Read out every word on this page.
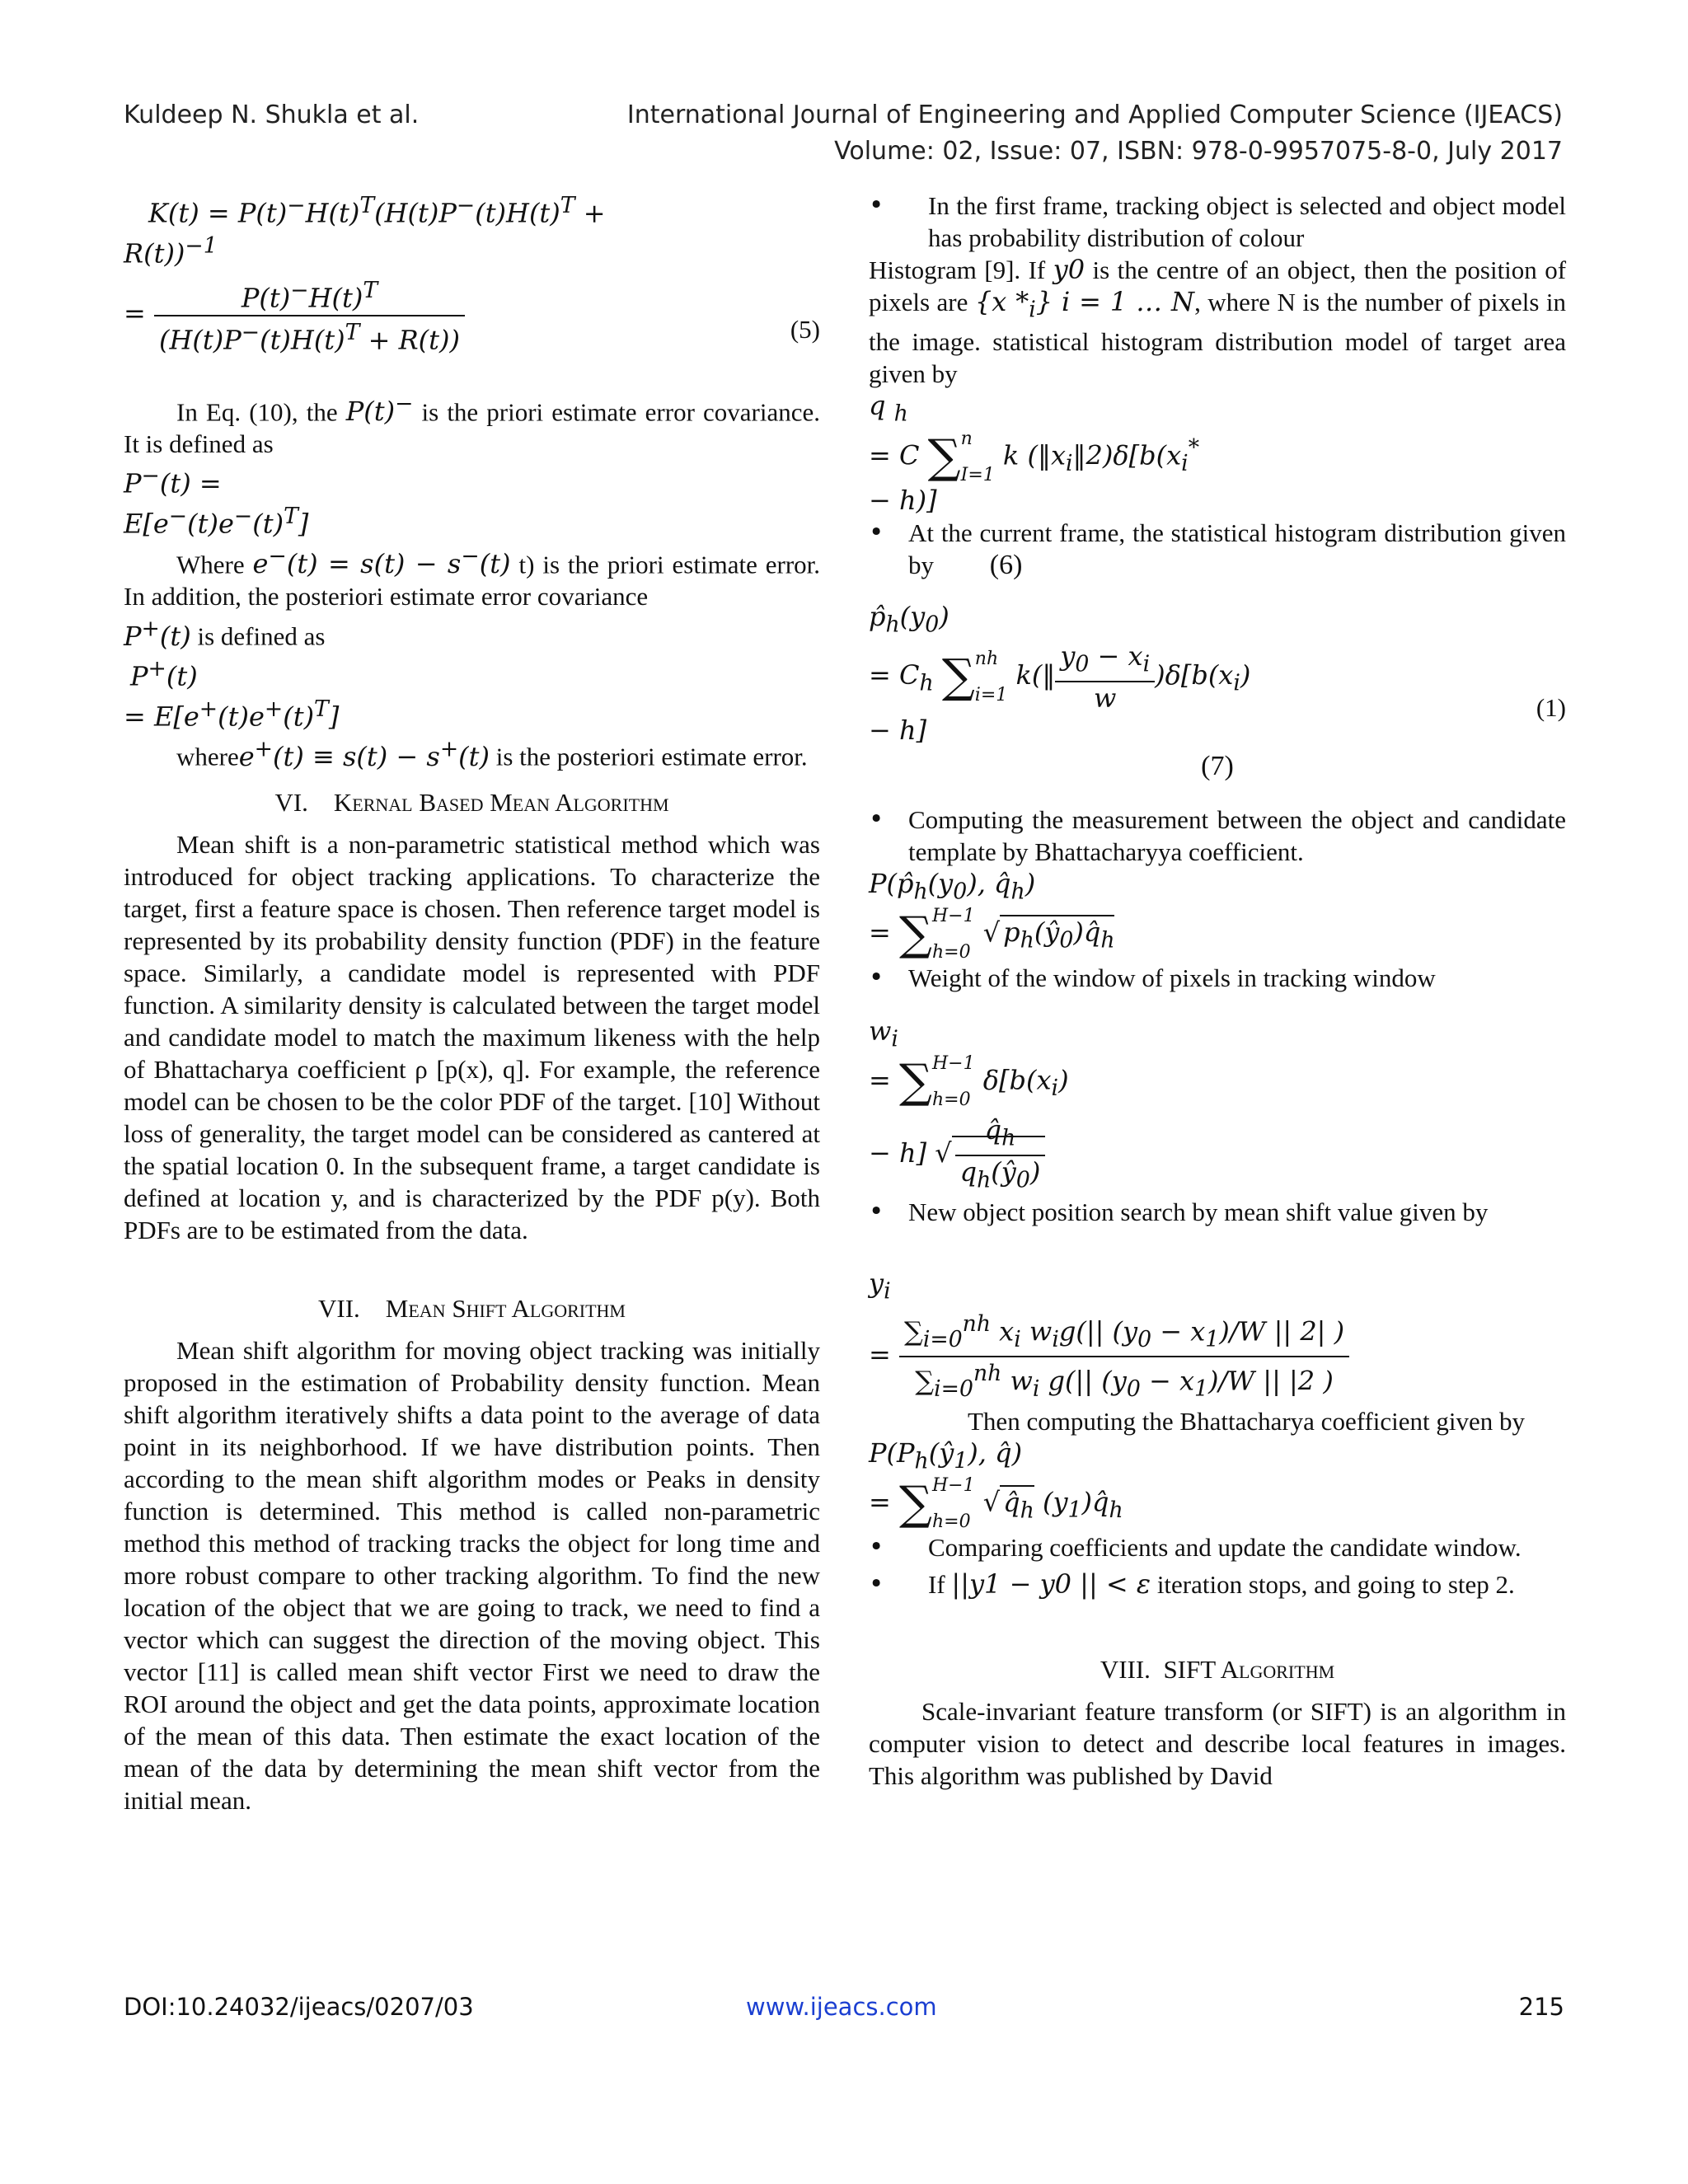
Kuldeep N. Shukla et al.	International Journal of Engineering and Applied Computer Science (IJEACS)
Volume: 02, Issue: 07, ISBN: 978-0-9957075-8-0, July 2017
$K(t) = P(t)^-H(t)^T(H(t)P^-(t)H(t)^T$ +
R(t))$^{-1}$
= $\frac{P(t)^-H(t)^T}{(H(t)P^-(t)H(t)^T + R(t))}$	(5)

In Eq. (10), the P(t)− is the priori estimate error covariance. It is defined as

P−(t) =
$E[e^-(t)e^-(t)^T]$

Where e−(t) = s(t) − s−(t) t) is the priori estimate error. In addition, the posteriori estimate error covariance

P+(t) is defined as
P+(t)
= $E[e^+(t)e^+(t)^T]$

wheree+(t) ≡ s(t) − s+(t) is the posteriori estimate error.

VI. Kernal Based Mean Algorithm

Mean shift is a non-parametric statistical method which was introduced for object tracking applications. To characterize the target, first a feature space is chosen. Then reference target model is represented by its probability density function (PDF) in the feature space. Similarly, a candidate model is represented with PDF function. A similarity density is calculated between the target model and candidate model to match the maximum likeness with the help of Bhattacharya coefficient ρ [p(x), q]. For example, the reference model can be chosen to be the color PDF of the target. [10] Without loss of generality, the target model can be considered as cantered at the spatial location 0. In the subsequent frame, a target candidate is defined at location y, and is characterized by the PDF p(y). Both PDFs are to be estimated from the data.

VII. Mean Shift Algorithm

Mean shift algorithm for moving object tracking was initially proposed in the estimation of Probability density function. Mean shift algorithm iteratively shifts a data point to the average of data point in its neighborhood. If we have distribution points. Then according to the mean shift algorithm modes or Peaks in density function is determined. This method is called non-parametric method this method of tracking tracks the object for long time and more robust compare to other tracking algorithm. To find the new location of the object that we are going to track, we need to find a vector which can suggest the direction of the moving object. This vector [11] is called mean shift vector First we need to draw the ROI around the object and get the data points, approximate location of the mean of this data. Then estimate the exact location of the mean of the data by determining the mean shift vector from the initial mean.

• In the first frame, tracking object is selected and object model has probability distribution of colour

Histogram [9]. If y0 is the centre of an object, then the position of pixels are {x $*_i$} i = 1 … N, where N is the number of pixels in the image. statistical histogram distribution model of target area given by

q $_h$
= C ∑n

I=1 k $(‖x_i‖2)\delta[b(x_i^*$
− h)]
• At the current frame, the statistical histogram distribution given by (6)
$p̂_h(y_0)$
= $C_h$ ∑nh

i=1 k(‖ $\frac{y_0 - x_i}{w} )\delta[b(x_i)$
− h]
(1)
(7)
• Computing the measurement between the object and candidate template by Bhattacharyya coefficient.
$P(p̂_h(y_0)$, $q̂_h$)
= ∑H−1

h=0 √ $p_h(ŷ_0)q̂_h$
• Weight of the window of pixels in tracking window
$w_i$
= ∑H−1

h=0 $\delta[b(x_i)$
− h] √ $\frac{q̂_h}{q_h(ŷ_0)}$
• New object position search by mean shift value given by
$y_i$
= $\frac{\sum_{i=0}^{nh} x_i w_ig(|| (y_0 - x_1)/W || 2| )}{\sum_{i=0}^{nh} w_i g(|| (y_0 - x_1)/W || |2 )}$

Then computing the Bhattacharya coefficient given by

$P(P_h(ŷ_1)$, q̂)
= ∑H−1

h=0 √ $q̂_h$ $(y_1)q̂_h$
• Comparing coefficients and update the candidate window.
• If ||y1 − y0 || < ε iteration stops, and going to step 2.

VIII. SIFT Algorithm

Scale-invariant feature transform (or SIFT) is an algorithm in computer vision to detect and describe local features in images. This algorithm was published by David

DOI:10.24032/ijeacs/0207/03	www.ijeacs.com	215
